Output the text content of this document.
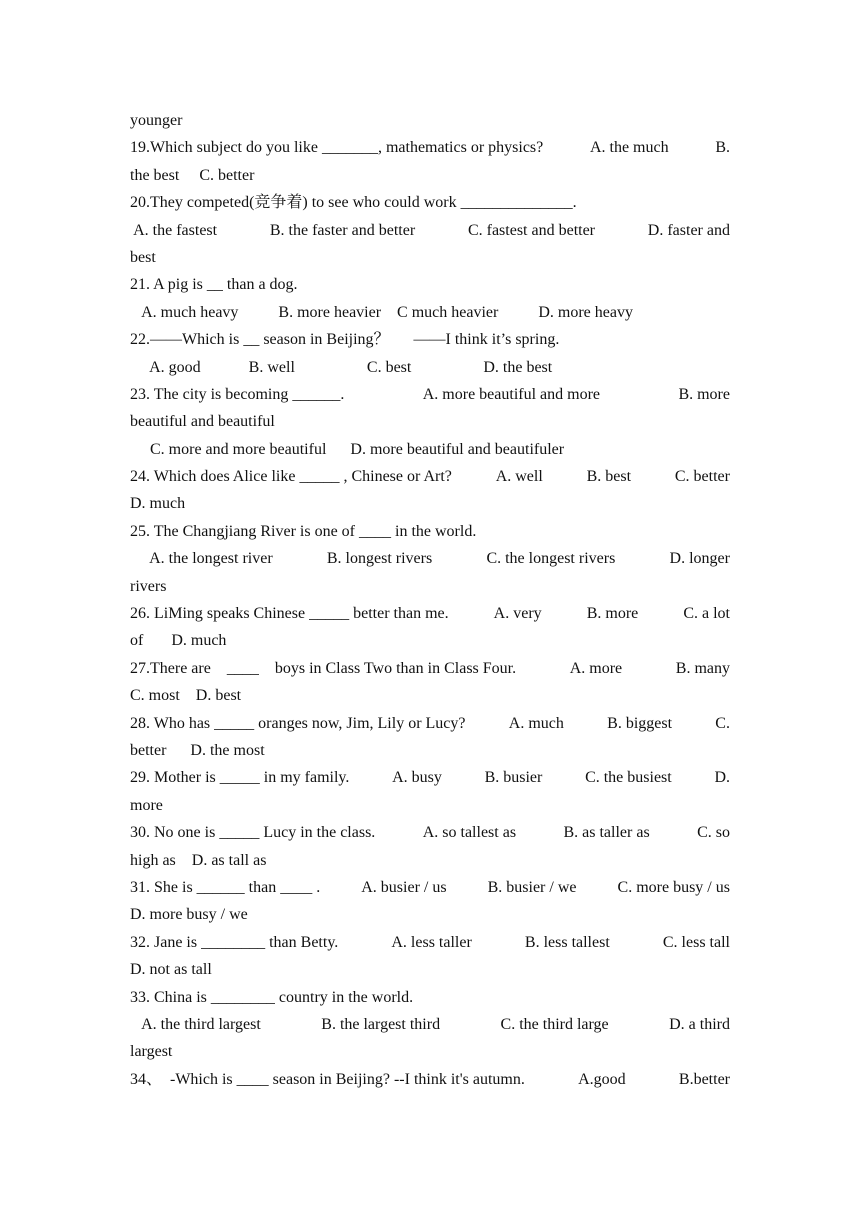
younger
19.Which subject do you like _______, mathematics or physics?	A. the much	B.
the best     C. better
20.They competed(竞争着) to see who could work ______________.
A. the fastest	B. the faster and better	C. fastest and better	D. faster and
best
21. A pig is __ than a dog.
A. much heavy          B. more heavier    C much heavier          D. more heavy
22.——Which is __ season in Beijing？      ——I think it’s spring.
A. good            B. well                  C. best                  D. the best
23. The city is becoming ______.	A. more beautiful and more	B. more
beautiful and beautiful
C. more and more beautiful      D. more beautiful and beautifuler
24. Which does Alice like _____ , Chinese or Art?	A. well	B. best	C. better
D. much
25. The Changjiang River is one of ____ in the world.
A. the longest river	B. longest rivers	C. the longest rivers	D. longer
rivers
26. LiMing speaks Chinese _____ better than me.	A. very	B. more	C. a lot
of       D. much
27.There are    ____    boys in Class Two than in Class Four.	A. more	B. many
C. most    D. best
28. Who has _____ oranges now, Jim, Lily or Lucy?	A. much	B. biggest	C.
better      D. the most
29. Mother is _____ in my family.	A. busy	B. busier	C. the busiest	D.
more
30. No one is _____ Lucy in the class.	A. so tallest as	B. as taller as	C. so
high as    D. as tall as
31. She is ______ than ____ .	A. busier / us	B. busier / we	C. more busy / us
D. more busy / we
32. Jane is ________ than Betty.	A. less taller	B. less tallest	C. less tall
D. not as tall
33. China is ________ country in the world.
A. the third largest	B. the largest third	C. the third large	D. a third
largest
34、  -Which is ____ season in Beijing? --I think it's autumn.	A.good	B.better
